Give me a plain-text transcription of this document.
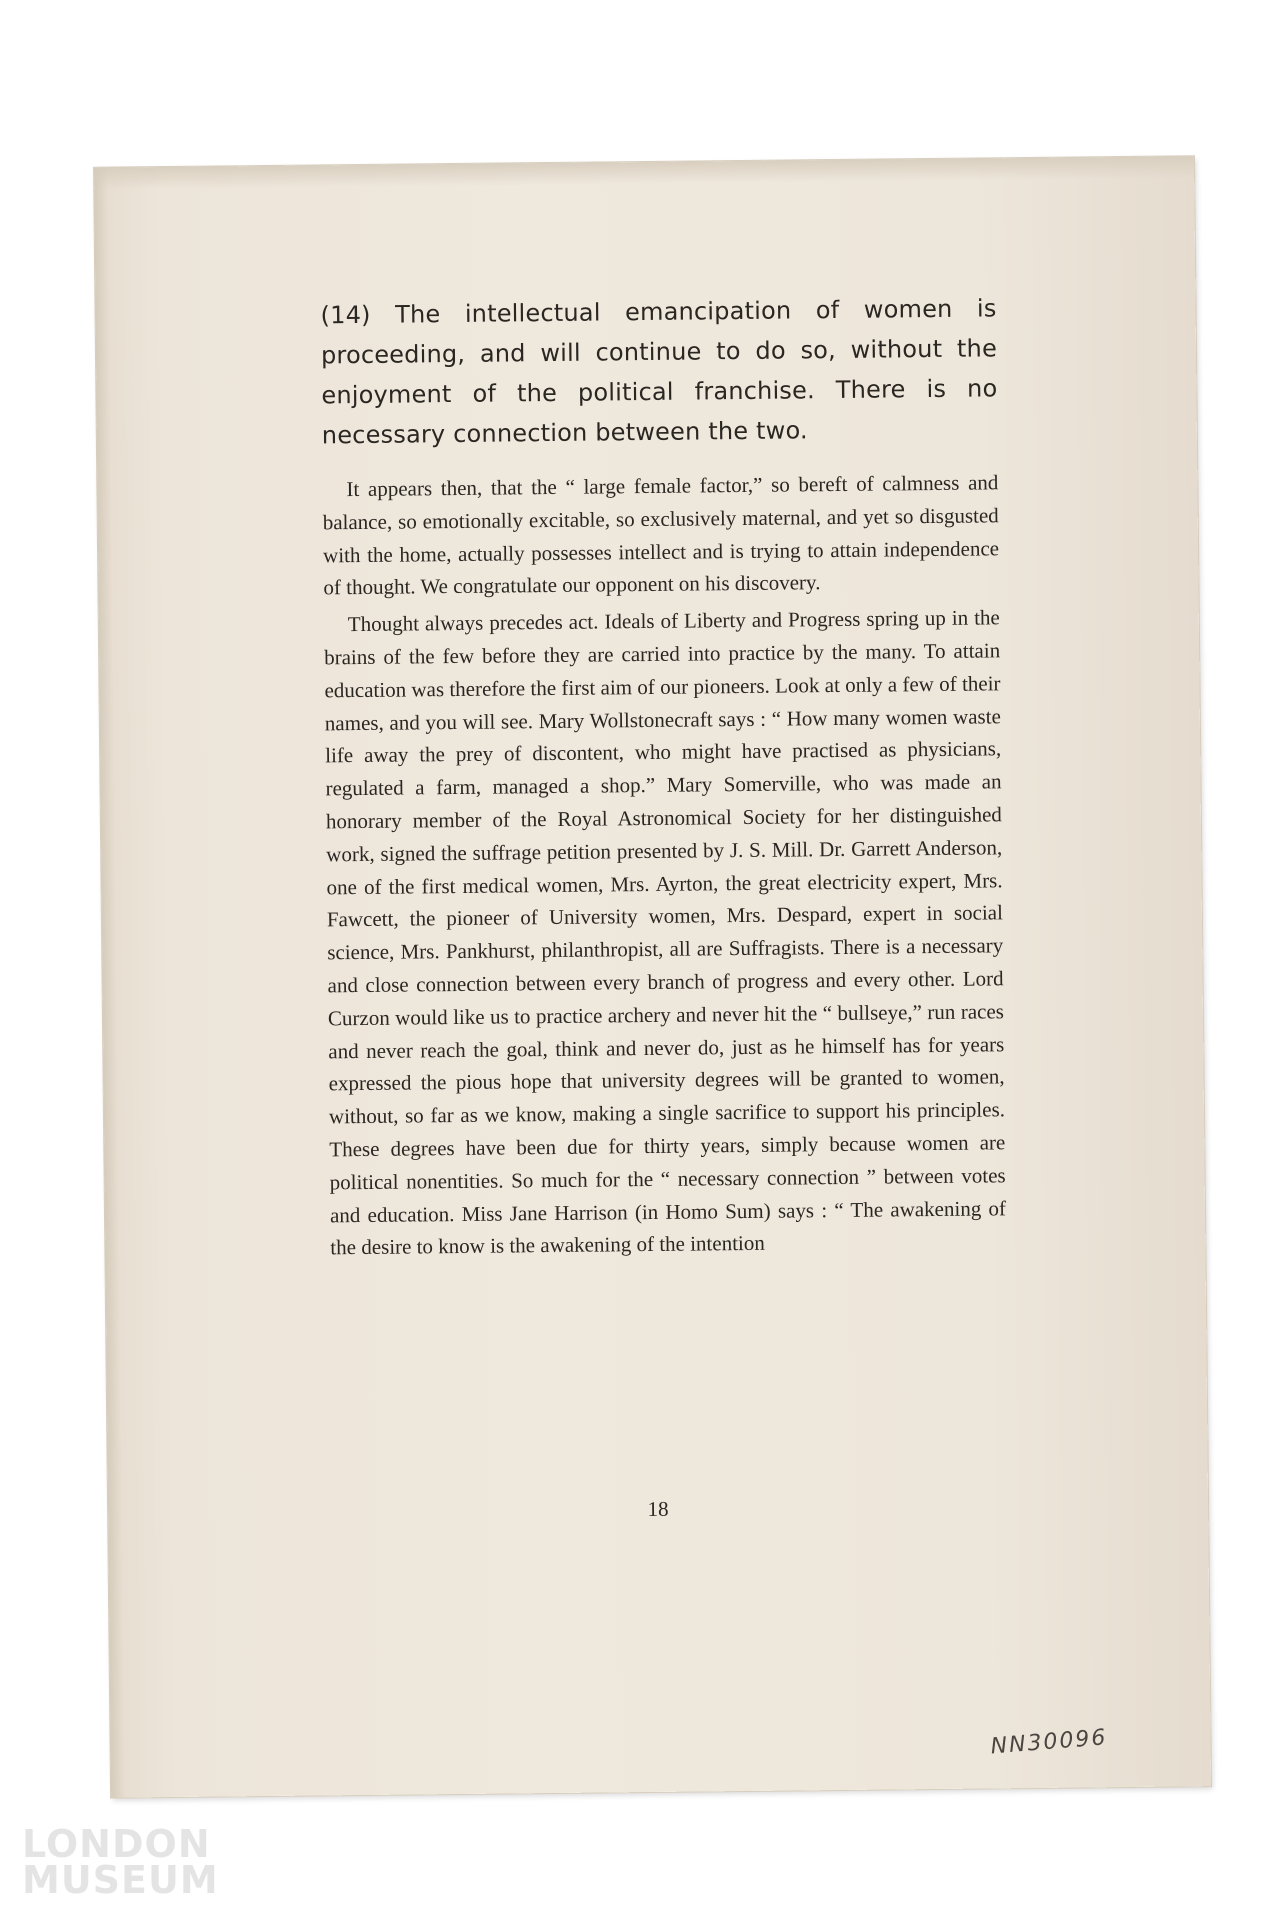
(14) The intellectual emancipation of women is proceeding, and will continue to do so, without the enjoyment of the political franchise. There is no necessary connection between the two.

It appears then, that the “ large female factor,” so bereft of calmness and balance, so emotionally excitable, so exclusively maternal, and yet so disgusted with the home, actually possesses intellect and is trying to attain independence of thought. We congratulate our opponent on his discovery.

Thought always precedes act. Ideals of Liberty and Progress spring up in the brains of the few before they are carried into practice by the many. To attain education was therefore the first aim of our pioneers. Look at only a few of their names, and you will see. Mary Wollstonecraft says : “ How many women waste life away the prey of discontent, who might have practised as physicians, regulated a farm, managed a shop.” Mary Somerville, who was made an honorary member of the Royal Astronomical Society for her distinguished work, signed the suffrage petition presented by J. S. Mill. Dr. Garrett Anderson, one of the first medical women, Mrs. Ayrton, the great electricity expert, Mrs. Fawcett, the pioneer of University women, Mrs. Despard, expert in social science, Mrs. Pankhurst, philanthropist, all are Suffragists. There is a necessary and close connection between every branch of progress and every other. Lord Curzon would like us to practice archery and never hit the “ bullseye,” run races and never reach the goal, think and never do, just as he himself has for years expressed the pious hope that university degrees will be granted to women, without, so far as we know, making a single sacrifice to support his principles. These degrees have been due for thirty years, simply because women are political nonentities. So much for the “ necessary connection ” between votes and education. Miss Jane Harrison (in Homo Sum) says : “ The awakening of the desire to know is the awakening of the intention

18
NN30096
LONDON
MUSEUM
